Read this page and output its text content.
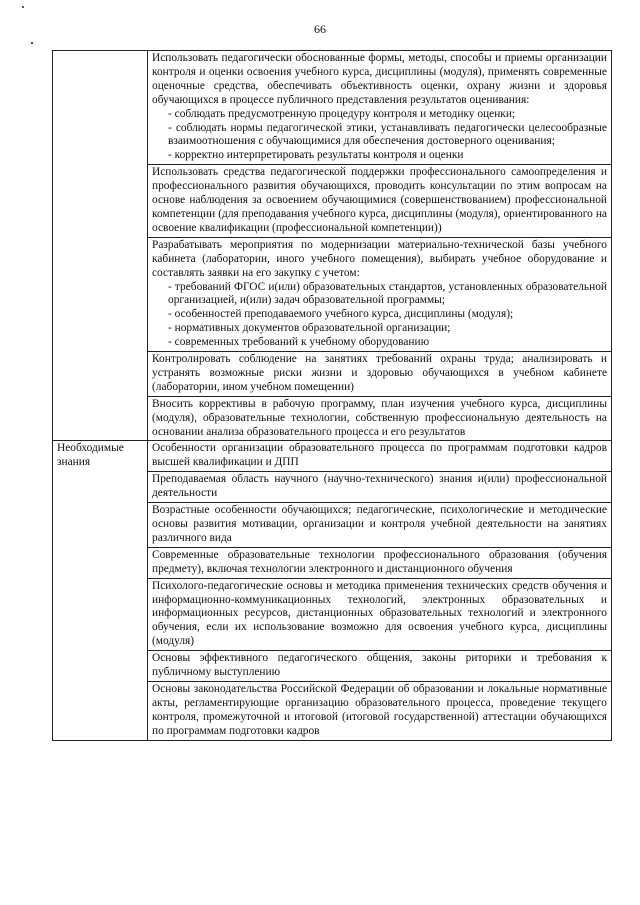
66

	Использовать педагогически обоснованные формы, методы, способы и приемы организации контроля и оценки освоения учебного курса, дисциплины (модуля), применять современные оценочные средства, обеспечивать объективность оценки, охрану жизни и здоровья обучающихся в процессе публичного представления результатов оценивания:
- соблюдать предусмотренную процедуру контроля и методику оценки;
- соблюдать нормы педагогической этики, устанавливать педагогически целесообразные взаимоотношения с обучающимися для обеспечения достоверного оценивания;
- корректно интерпретировать результаты контроля и оценки

	Использовать средства педагогической поддержки профессионального самоопределения и профессионального развития обучающихся, проводить консультации по этим вопросам на основе наблюдения за освоением обучающимися (совершенствованием) профессиональной компетенции (для преподавания учебного курса, дисциплины (модуля), ориентированного на освоение квалификации (профессиональной компетенции))

	Разрабатывать мероприятия по модернизации материально-технической базы учебного кабинета (лаборатории, иного учебного помещения), выбирать учебное оборудование и составлять заявки на его закупку с учетом:
- требований ФГОС и(или) образовательных стандартов, установленных образовательной организацией, и(или) задач образовательной программы;
- особенностей преподаваемого учебного курса, дисциплины (модуля);
- нормативных документов образовательной организации;
- современных требований к учебному оборудованию

	Контролировать соблюдение на занятиях требований охраны труда; анализировать и устранять возможные риски жизни и здоровью обучающихся в учебном кабинете (лаборатории, ином учебном помещении)

	Вносить коррективы в рабочую программу, план изучения учебного курса, дисциплины (модуля), образовательные технологии, собственную профессиональную деятельность на основании анализа образовательного процесса и его результатов

Необходимые знания	Особенности организации образовательного процесса по программам подготовки кадров высшей квалификации и ДПП

	Преподаваемая область научного (научно-технического) знания и(или) профессиональной деятельности

	Возрастные особенности обучающихся; педагогические, психологические и методические основы развития мотивации, организации и контроля учебной деятельности на занятиях различного вида

	Современные образовательные технологии профессионального образования (обучения предмету), включая технологии электронного и дистанционного обучения

	Психолого-педагогические основы и методика применения технических средств обучения и информационно-коммуникационных технологий, электронных образовательных и информационных ресурсов, дистанционных образовательных технологий и электронного обучения, если их использование возможно для освоения учебного курса, дисциплины (модуля)

	Основы эффективного педагогического общения, законы риторики и требования к публичному выступлению

	Основы законодательства Российской Федерации об образовании и локальные нормативные акты, регламентирующие организацию образовательного процесса, проведение текущего контроля, промежуточной и итоговой (итоговой государственной) аттестации обучающихся по программам подготовки кадров
